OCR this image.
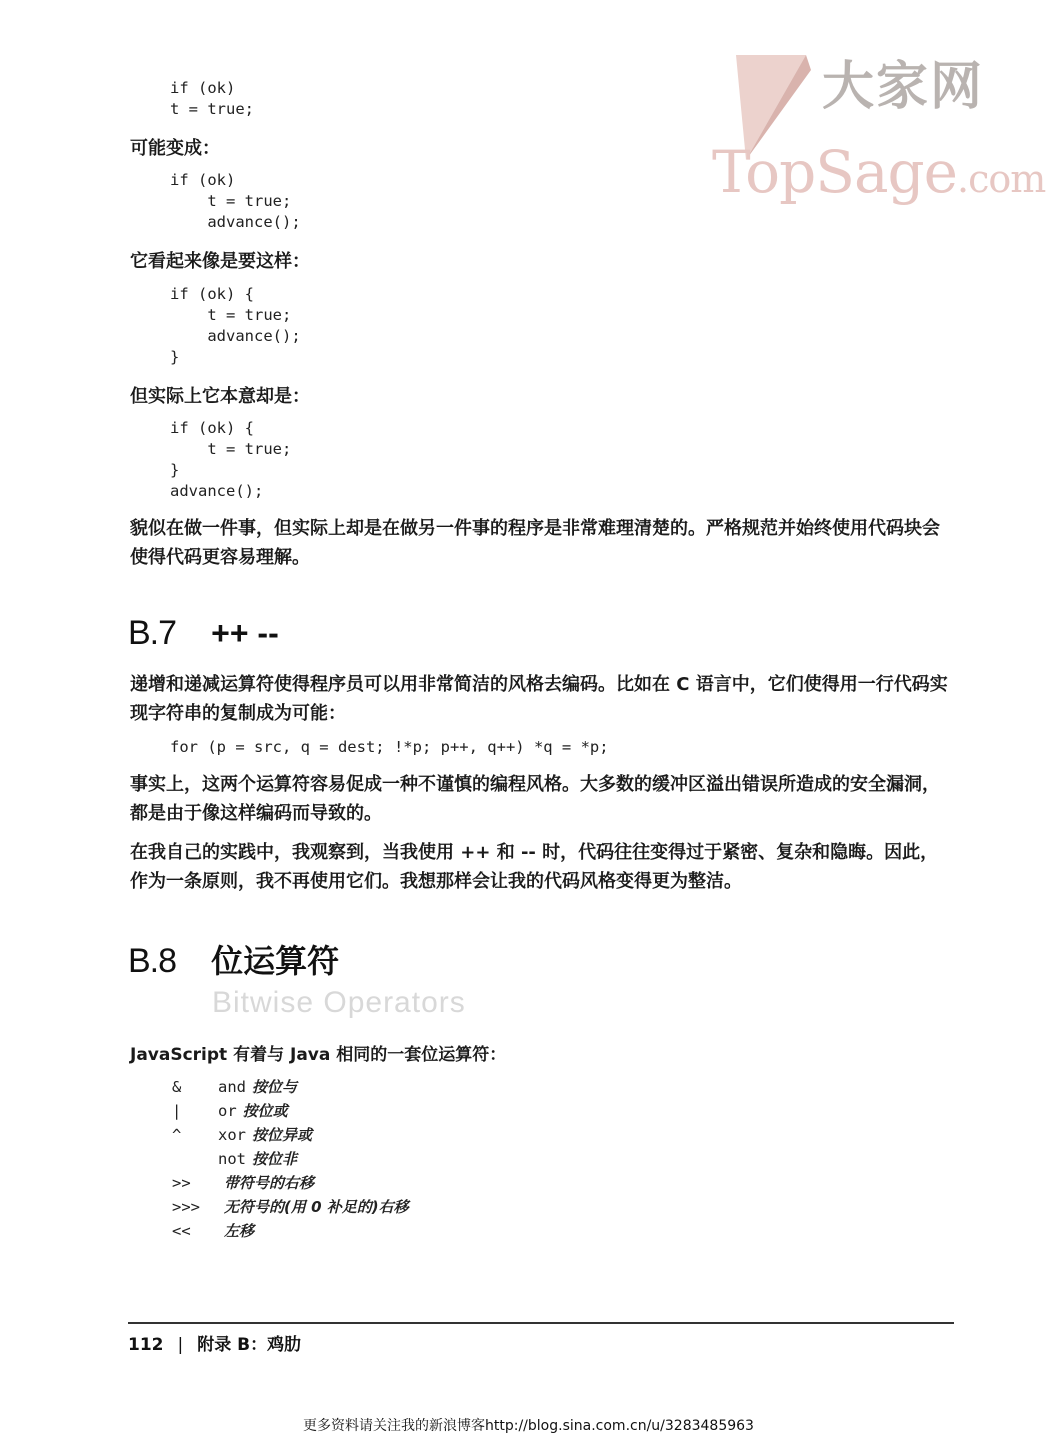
大家网
TopSage.com
if (ok)
t = true;
可能变成：
if (ok)
t = true;
advance();
它看起来像是要这样：
if (ok) {
t = true;
advance();
}
但实际上它本意却是：
if (ok) {
t = true;
}
advance();
貌似在做一件事，但实际上却是在做另一件事的程序是非常难理清楚的。严格规范并始终使用代码块会使得代码更容易理解。
B.7 ++ --
递增和递减运算符使得程序员可以用非常简洁的风格去编码。比如在 C 语言中，它们使得用一行代码实现字符串的复制成为可能：
for (p = src, q = dest; !*p; p++, q++) *q = *p;
事实上，这两个运算符容易促成一种不谨慎的编程风格。大多数的缓冲区溢出错误所造成的安全漏洞，都是由于像这样编码而导致的。
在我自己的实践中，我观察到，当我使用 ++ 和 -- 时，代码往往变得过于紧密、复杂和隐晦。因此，作为一条原则，我不再使用它们。我想那样会让我的代码风格变得更为整洁。
B.8 位运算符
Bitwise Operators
JavaScript 有着与 Java 相同的一套位运算符：
&	and 按位与
|	or 按位或
^	xor 按位异或
not 按位非
>>	带符号的右移
>>>	无符号的(用 0 补足的)右移
<<	左移
112 | 附录 B：鸡肋
更多资料请关注我的新浪博客http://blog.sina.com.cn/u/3283485963
